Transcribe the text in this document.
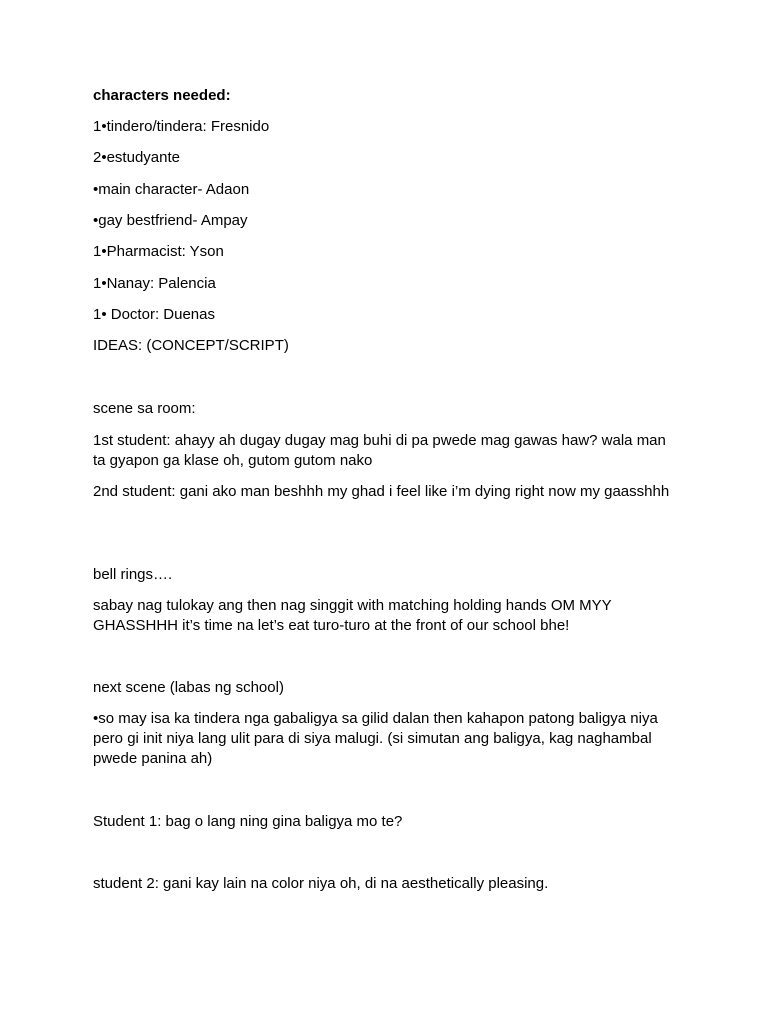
characters needed:

1•tindero/tindera: Fresnido

2•estudyante

•main character- Adaon

•gay bestfriend- Ampay

1•Pharmacist: Yson

1•Nanay: Palencia

1• Doctor: Duenas

IDEAS: (CONCEPT/SCRIPT)

scene sa room:

1st student: ahayy ah dugay dugay mag buhi di pa pwede mag gawas haw? wala man ta gyapon ga klase oh, gutom gutom nako

2nd student: gani ako man beshhh my ghad i feel like i’m dying right now my gaasshhh

bell rings….

sabay nag tulokay ang then nag singgit with matching holding hands OM MYY GHASSHHH it’s time na let’s eat turo-turo at the front of our school bhe!

next scene (labas ng school)

•so may isa ka tindera nga gabaligya sa gilid dalan then kahapon patong baligya niya pero gi init niya lang ulit para di siya malugi. (si simutan ang baligya, kag naghambal pwede panina ah)

Student 1: bag o lang ning gina baligya mo te?

student 2: gani kay lain na color niya oh, di na aesthetically pleasing.
